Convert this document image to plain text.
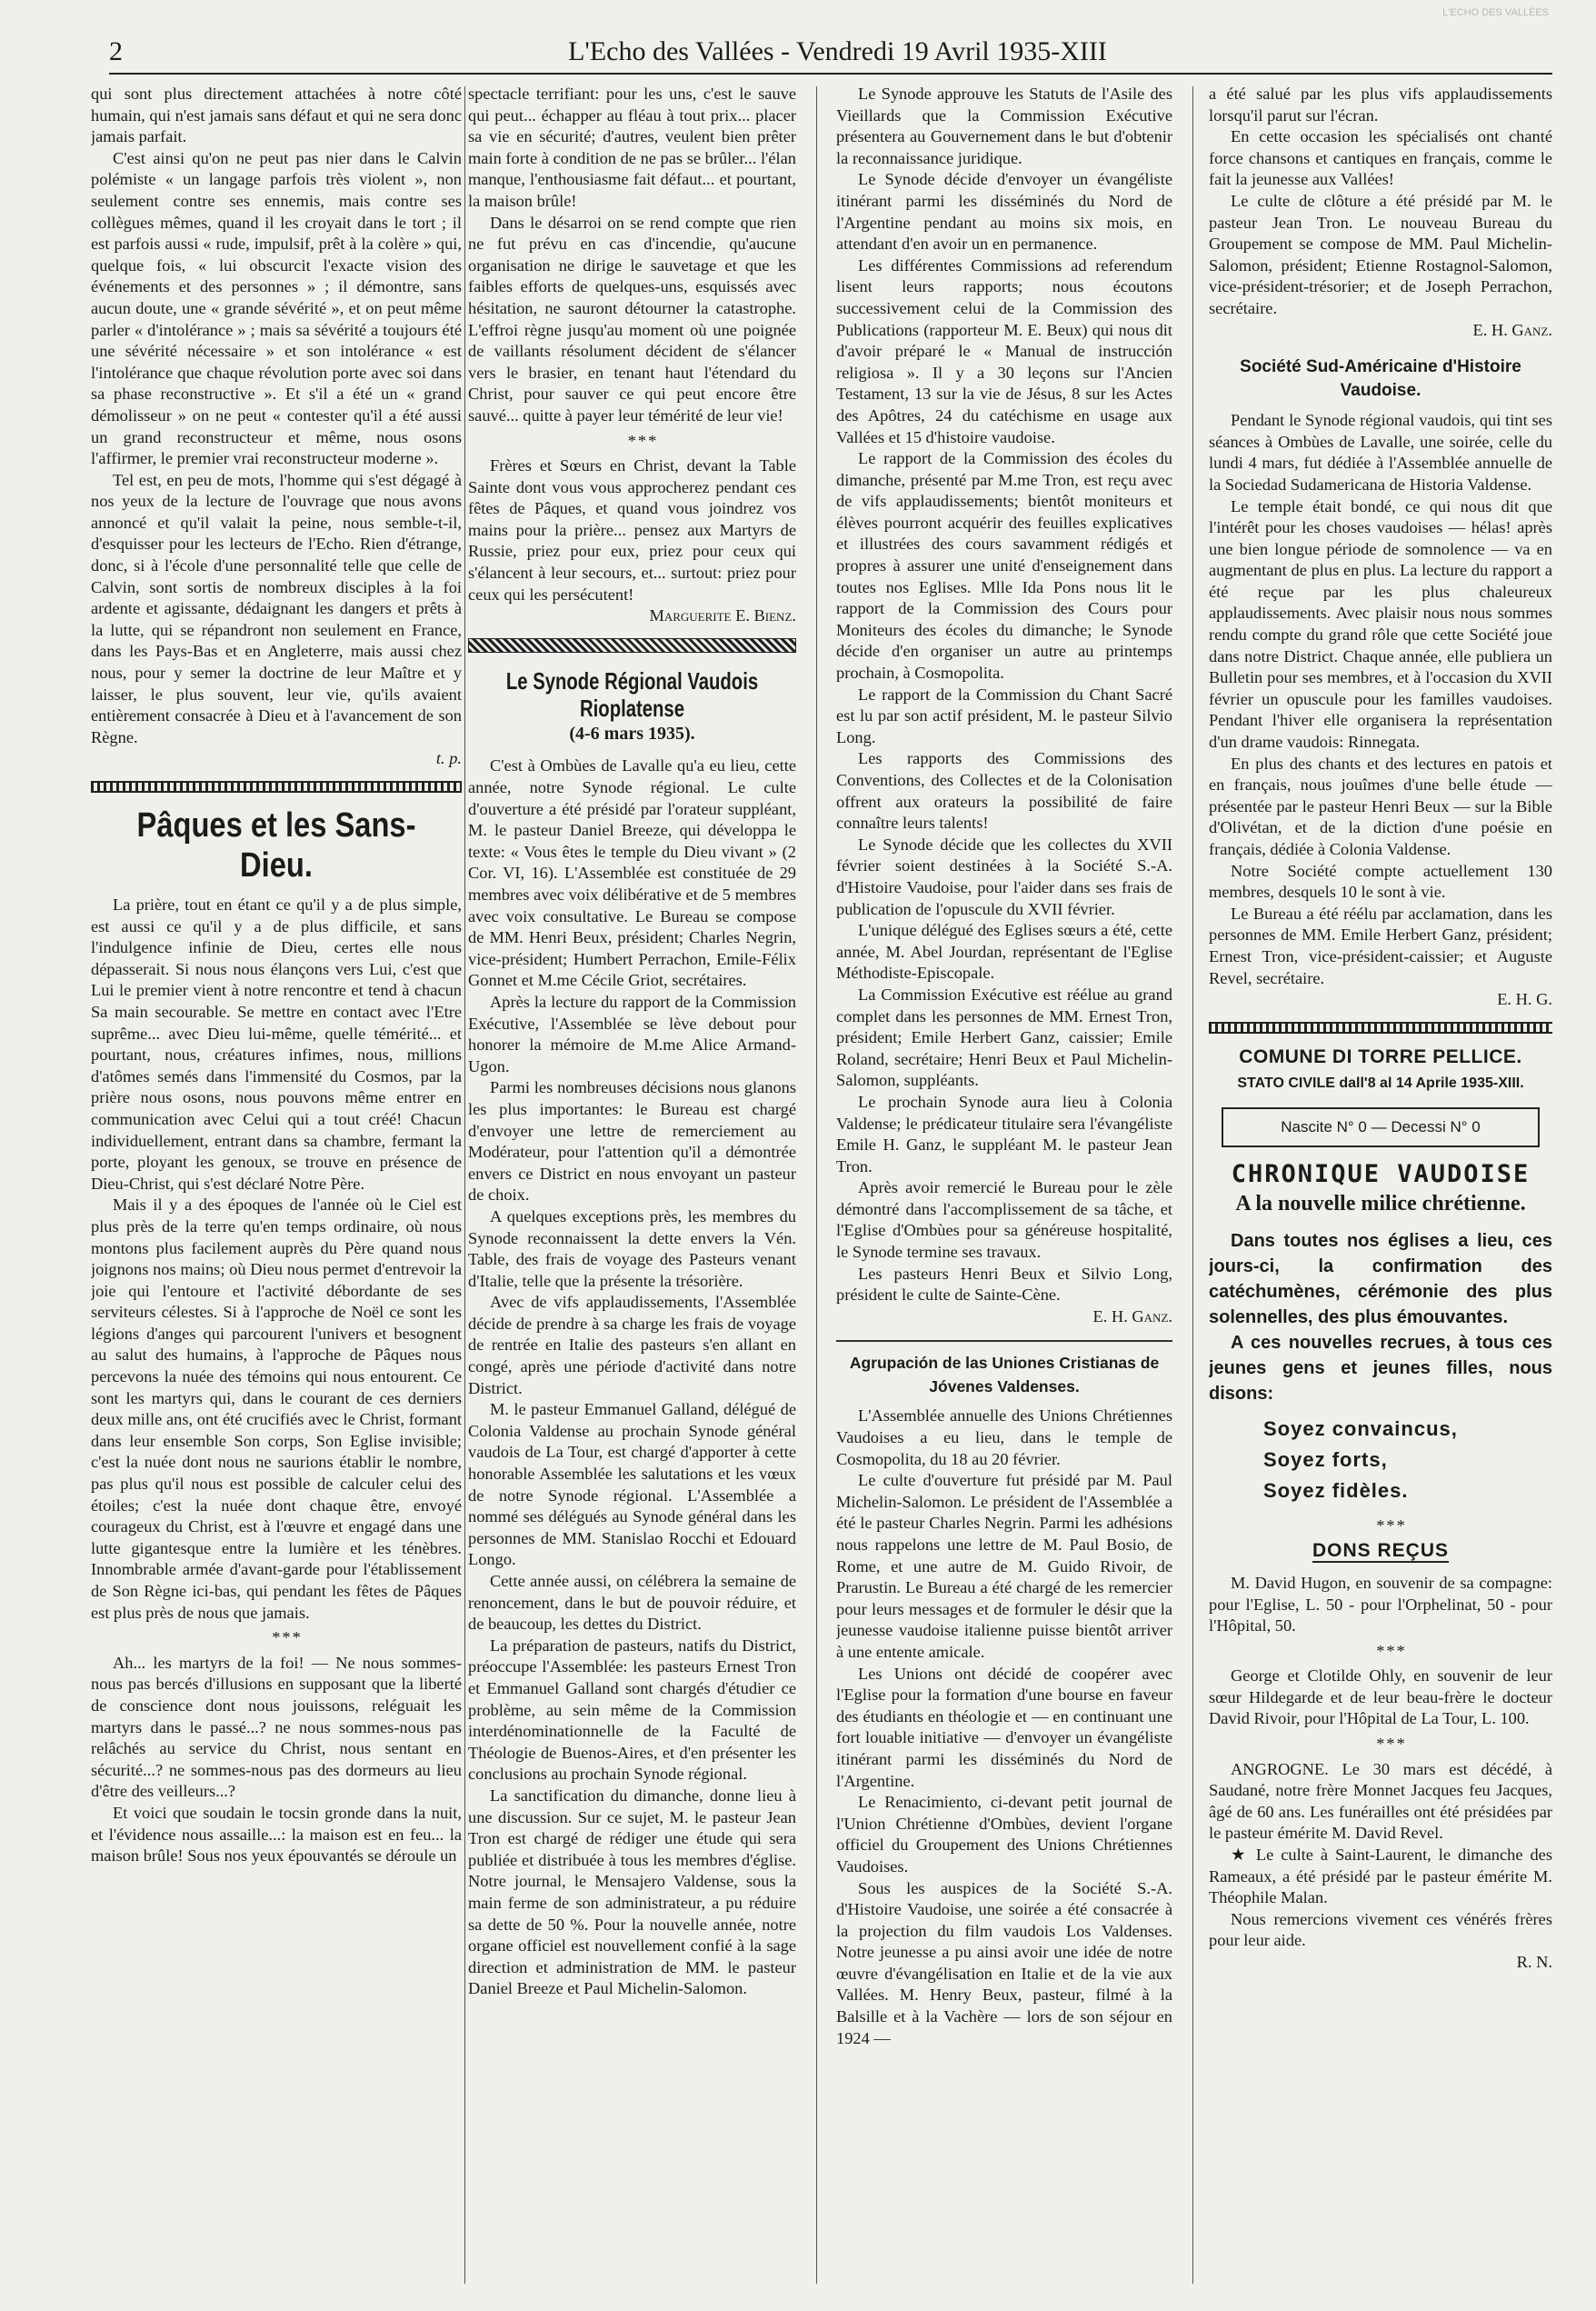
L'ECHO DES VALLÉES
2	L'Echo des Vallées - Vendredi 19 Avril 1935-XIII

qui sont plus directement attachées à notre côté humain, qui n'est jamais sans défaut et qui ne sera donc jamais parfait.

C'est ainsi qu'on ne peut pas nier dans le Calvin polémiste « un langage parfois très violent », non seulement contre ses ennemis, mais contre ses collègues mêmes, quand il les croyait dans le tort ; il est parfois aussi « rude, impulsif, prêt à la colère » qui, quelque fois, « lui obscurcit l'exacte vision des événements et des personnes » ; il démontre, sans aucun doute, une « grande sévérité », et on peut même parler « d'intolérance » ; mais sa sévérité a toujours été une sévérité nécessaire » et son intolérance « est l'intolérance que chaque révolution porte avec soi dans sa phase reconstructive ». Et s'il a été un « grand démolisseur » on ne peut « contester qu'il a été aussi un grand reconstructeur et même, nous osons l'affirmer, le premier vrai reconstructeur moderne ».

Tel est, en peu de mots, l'homme qui s'est dégagé à nos yeux de la lecture de l'ouvrage que nous avons annoncé et qu'il valait la peine, nous semble-t-il, d'esquisser pour les lecteurs de l'Echo. Rien d'étrange, donc, si à l'école d'une personnalité telle que celle de Calvin, sont sortis de nombreux disciples à la foi ardente et agissante, dédaignant les dangers et prêts à la lutte, qui se répandront non seulement en France, dans les Pays-Bas et en Angleterre, mais aussi chez nous, pour y semer la doctrine de leur Maître et y laisser, le plus souvent, leur vie, qu'ils avaient entièrement consacrée à Dieu et à l'avancement de son Règne.

t. p.

Pâques et les Sans-Dieu.

La prière, tout en étant ce qu'il y a de plus simple, est aussi ce qu'il y a de plus difficile, et sans l'indulgence infinie de Dieu, certes elle nous dépasserait. Si nous nous élançons vers Lui, c'est que Lui le premier vient à notre rencontre et tend à chacun Sa main secourable. Se mettre en contact avec l'Etre suprême... avec Dieu lui-même, quelle témérité... et pourtant, nous, créatures infimes, nous, millions d'atômes semés dans l'immensité du Cosmos, par la prière nous osons, nous pouvons même entrer en communication avec Celui qui a tout créé! Chacun individuellement, entrant dans sa chambre, fermant la porte, ployant les genoux, se trouve en présence de Dieu-Christ, qui s'est déclaré Notre Père.

Mais il y a des époques de l'année où le Ciel est plus près de la terre qu'en temps ordinaire, où nous montons plus facilement auprès du Père quand nous joignons nos mains; où Dieu nous permet d'entrevoir la joie qui l'entoure et l'activité débordante de ses serviteurs célestes. Si à l'approche de Noël ce sont les légions d'anges qui parcourent l'univers et besognent au salut des humains, à l'approche de Pâques nous percevons la nuée des témoins qui nous entourent. Ce sont les martyrs qui, dans le courant de ces derniers deux mille ans, ont été crucifiés avec le Christ, formant dans leur ensemble Son corps, Son Eglise invisible; c'est la nuée dont nous ne saurions établir le nombre, pas plus qu'il nous est possible de calculer celui des étoiles; c'est la nuée dont chaque être, envoyé courageux du Christ, est à l'œuvre et engagé dans une lutte gigantesque entre la lumière et les ténèbres. Innombrable armée d'avant-garde pour l'établissement de Son Règne ici-bas, qui pendant les fêtes de Pâques est plus près de nous que jamais.

***

Ah... les martyrs de la foi! — Ne nous sommes-nous pas bercés d'illusions en supposant que la liberté de conscience dont nous jouissons, reléguait les martyrs dans le passé...? ne nous sommes-nous pas relâchés au service du Christ, nous sentant en sécurité...? ne sommes-nous pas des dormeurs au lieu d'être des veilleurs...?

Et voici que soudain le tocsin gronde dans la nuit, et l'évidence nous assaille...: la maison est en feu... la maison brûle! Sous nos yeux épouvantés se déroule un

spectacle terrifiant: pour les uns, c'est le sauve qui peut... échapper au fléau à tout prix... placer sa vie en sécurité; d'autres, veulent bien prêter main forte à condition de ne pas se brûler... l'élan manque, l'enthousiasme fait défaut... et pourtant, la maison brûle!

Dans le désarroi on se rend compte que rien ne fut prévu en cas d'incendie, qu'aucune organisation ne dirige le sauvetage et que les faibles efforts de quelques-uns, esquissés avec hésitation, ne sauront détourner la catastrophe. L'effroi règne jusqu'au moment où une poignée de vaillants résolument décident de s'élancer vers le brasier, en tenant haut l'étendard du Christ, pour sauver ce qui peut encore être sauvé... quitte à payer leur témérité de leur vie!

***

Frères et Sœurs en Christ, devant la Table Sainte dont vous vous approcherez pendant ces fêtes de Pâques, et quand vous joindrez vos mains pour la prière... pensez aux Martyrs de Russie, priez pour eux, priez pour ceux qui s'élancent à leur secours, et... surtout: priez pour ceux qui les persécutent!

Marguerite E. Bienz.

Le Synode Régional Vaudois Rioplatense
(4-6 mars 1935).

C'est à Ombùes de Lavalle qu'a eu lieu, cette année, notre Synode régional. Le culte d'ouverture a été présidé par l'orateur suppléant, M. le pasteur Daniel Breeze, qui développa le texte: « Vous êtes le temple du Dieu vivant » (2 Cor. VI, 16). L'Assemblée est constituée de 29 membres avec voix délibérative et de 5 membres avec voix consultative. Le Bureau se compose de MM. Henri Beux, président; Charles Negrin, vice-président; Humbert Perrachon, Emile-Félix Gonnet et M.me Cécile Griot, secrétaires.

Après la lecture du rapport de la Commission Exécutive, l'Assemblée se lève debout pour honorer la mémoire de M.me Alice Armand-Ugon.

Parmi les nombreuses décisions nous glanons les plus importantes: le Bureau est chargé d'envoyer une lettre de remerciement au Modérateur, pour l'attention qu'il a démontrée envers ce District en nous envoyant un pasteur de choix.

A quelques exceptions près, les membres du Synode reconnaissent la dette envers la Vén. Table, des frais de voyage des Pasteurs venant d'Italie, telle que la présente la trésorière.

Avec de vifs applaudissements, l'Assemblée décide de prendre à sa charge les frais de voyage de rentrée en Italie des pasteurs s'en allant en congé, après une période d'activité dans notre District.

M. le pasteur Emmanuel Galland, délégué de Colonia Valdense au prochain Synode général vaudois de La Tour, est chargé d'apporter à cette honorable Assemblée les salutations et les vœux de notre Synode régional. L'Assemblée a nommé ses délégués au Synode général dans les personnes de MM. Stanislao Rocchi et Edouard Longo.

Cette année aussi, on célébrera la semaine de renoncement, dans le but de pouvoir réduire, et de beaucoup, les dettes du District.

La préparation de pasteurs, natifs du District, préoccupe l'Assemblée: les pasteurs Ernest Tron et Emmanuel Galland sont chargés d'étudier ce problème, au sein même de la Commission interdénominationnelle de la Faculté de Théologie de Buenos-Aires, et d'en présenter les conclusions au prochain Synode régional.

La sanctification du dimanche, donne lieu à une discussion. Sur ce sujet, M. le pasteur Jean Tron est chargé de rédiger une étude qui sera publiée et distribuée à tous les membres d'église. Notre journal, le Mensajero Valdense, sous la main ferme de son administrateur, a pu réduire sa dette de 50 %. Pour la nouvelle année, notre organe officiel est nouvellement confié à la sage direction et administration de MM. le pasteur Daniel Breeze et Paul Michelin-Salomon.

Le Synode approuve les Statuts de l'Asile des Vieillards que la Commission Exécutive présentera au Gouvernement dans le but d'obtenir la reconnaissance juridique.

Le Synode décide d'envoyer un évangéliste itinérant parmi les disséminés du Nord de l'Argentine pendant au moins six mois, en attendant d'en avoir un en permanence.

Les différentes Commissions ad referendum lisent leurs rapports; nous écoutons successivement celui de la Commission des Publications (rapporteur M. E. Beux) qui nous dit d'avoir préparé le « Manual de instrucción religiosa ». Il y a 30 leçons sur l'Ancien Testament, 13 sur la vie de Jésus, 8 sur les Actes des Apôtres, 24 du catéchisme en usage aux Vallées et 15 d'histoire vaudoise.

Le rapport de la Commission des écoles du dimanche, présenté par M.me Tron, est reçu avec de vifs applaudissements; bientôt moniteurs et élèves pourront acquérir des feuilles explicatives et illustrées des cours savamment rédigés et propres à assurer une unité d'enseignement dans toutes nos Eglises. Mlle Ida Pons nous lit le rapport de la Commission des Cours pour Moniteurs des écoles du dimanche; le Synode décide d'en organiser un autre au printemps prochain, à Cosmopolita.

Le rapport de la Commission du Chant Sacré est lu par son actif président, M. le pasteur Silvio Long.

Les rapports des Commissions des Conventions, des Collectes et de la Colonisation offrent aux orateurs la possibilité de faire connaître leurs talents!

Le Synode décide que les collectes du XVII février soient destinées à la Société S.-A. d'Histoire Vaudoise, pour l'aider dans ses frais de publication de l'opuscule du XVII février.

L'unique délégué des Eglises sœurs a été, cette année, M. Abel Jourdan, représentant de l'Eglise Méthodiste-Episcopale.

La Commission Exécutive est réélue au grand complet dans les personnes de MM. Ernest Tron, président; Emile Herbert Ganz, caissier; Emile Roland, secrétaire; Henri Beux et Paul Michelin-Salomon, suppléants.

Le prochain Synode aura lieu à Colonia Valdense; le prédicateur titulaire sera l'évangéliste Emile H. Ganz, le suppléant M. le pasteur Jean Tron.

Après avoir remercié le Bureau pour le zèle démontré dans l'accomplissement de sa tâche, et l'Eglise d'Ombùes pour sa généreuse hospitalité, le Synode termine ses travaux.

Les pasteurs Henri Beux et Silvio Long, président le culte de Sainte-Cène.

E. H. Ganz.

Agrupación de las Uniones Cristianas de Jóvenes Valdenses.

L'Assemblée annuelle des Unions Chrétiennes Vaudoises a eu lieu, dans le temple de Cosmopolita, du 18 au 20 février.

Le culte d'ouverture fut présidé par M. Paul Michelin-Salomon. Le président de l'Assemblée a été le pasteur Charles Negrin. Parmi les adhésions nous rappelons une lettre de M. Paul Bosio, de Rome, et une autre de M. Guido Rivoir, de Prarustin. Le Bureau a été chargé de les remercier pour leurs messages et de formuler le désir que la jeunesse vaudoise italienne puisse bientôt arriver à une entente amicale.

Les Unions ont décidé de coopérer avec l'Eglise pour la formation d'une bourse en faveur des étudiants en théologie et — en continuant une fort louable initiative — d'envoyer un évangéliste itinérant parmi les disséminés du Nord de l'Argentine.

Le Renacimiento, ci-devant petit journal de l'Union Chrétienne d'Ombùes, devient l'organe officiel du Groupement des Unions Chrétiennes Vaudoises.

Sous les auspices de la Société S.-A. d'Histoire Vaudoise, une soirée a été consacrée à la projection du film vaudois Los Valdenses. Notre jeunesse a pu ainsi avoir une idée de notre œuvre d'évangélisation en Italie et de la vie aux Vallées. M. Henry Beux, pasteur, filmé à la Balsille et à la Vachère — lors de son séjour en 1924 —

a été salué par les plus vifs applaudissements lorsqu'il parut sur l'écran.

En cette occasion les spécialisés ont chanté force chansons et cantiques en français, comme le fait la jeunesse aux Vallées!

Le culte de clôture a été présidé par M. le pasteur Jean Tron. Le nouveau Bureau du Groupement se compose de MM. Paul Michelin-Salomon, président; Etienne Rostagnol-Salomon, vice-président-trésorier; et de Joseph Perrachon, secrétaire.

E. H. Ganz.

Société Sud-Américaine d'Histoire Vaudoise.

Pendant le Synode régional vaudois, qui tint ses séances à Ombùes de Lavalle, une soirée, celle du lundi 4 mars, fut dédiée à l'Assemblée annuelle de la Sociedad Sudamericana de Historia Valdense.

Le temple était bondé, ce qui nous dit que l'intérêt pour les choses vaudoises — hélas! après une bien longue période de somnolence — va en augmentant de plus en plus. La lecture du rapport a été reçue par les plus chaleureux applaudissements. Avec plaisir nous nous sommes rendu compte du grand rôle que cette Société joue dans notre District. Chaque année, elle publiera un Bulletin pour ses membres, et à l'occasion du XVII février un opuscule pour les familles vaudoises. Pendant l'hiver elle organisera la représentation d'un drame vaudois: Rinnegata.

En plus des chants et des lectures en patois et en français, nous jouîmes d'une belle étude — présentée par le pasteur Henri Beux — sur la Bible d'Olivétan, et de la diction d'une poésie en français, dédiée à Colonia Valdense.

Notre Société compte actuellement 130 membres, desquels 10 le sont à vie.

Le Bureau a été réélu par acclamation, dans les personnes de MM. Emile Herbert Ganz, président; Ernest Tron, vice-président-caissier; et Auguste Revel, secrétaire.

E. H. G.

COMUNE DI TORRE PELLICE.
STATO CIVILE dall'8 al 14 Aprile 1935-XIII.
Nascite N° 0 — Decessi N° 0
CHRONIQUE VAUDOISE
A la nouvelle milice chrétienne.

Dans toutes nos églises a lieu, ces jours-ci, la confirmation des catéchumènes, cérémonie des plus solennelles, des plus émouvantes.

A ces nouvelles recrues, à tous ces jeunes gens et jeunes filles, nous disons:

Soyez convaincus,
Soyez forts,
Soyez fidèles.

***

DONS REÇUS

M. David Hugon, en souvenir de sa compagne: pour l'Eglise, L. 50 - pour l'Orphelinat, 50 - pour l'Hôpital, 50.

***

George et Clotilde Ohly, en souvenir de leur sœur Hildegarde et de leur beau-frère le docteur David Rivoir, pour l'Hôpital de La Tour, L. 100.

***

ANGROGNE. Le 30 mars est décédé, à Saudané, notre frère Monnet Jacques feu Jacques, âgé de 60 ans. Les funérailles ont été présidées par le pasteur émérite M. David Revel.

★ Le culte à Saint-Laurent, le dimanche des Rameaux, a été présidé par le pasteur émérite M. Théophile Malan.

Nous remercions vivement ces vénérés frères pour leur aide.

R. N.
